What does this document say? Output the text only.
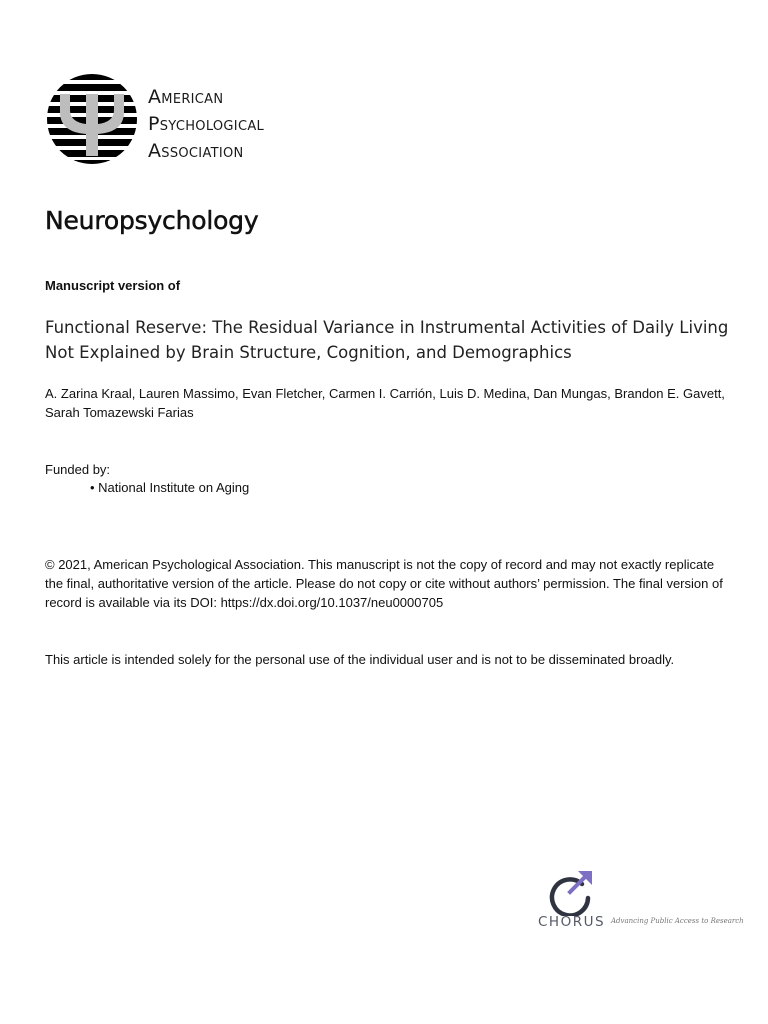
American
Psychological
Association
Neuropsychology
Manuscript version of
Functional Reserve: The Residual Variance in Instrumental Activities of Daily Living Not Explained by Brain Structure, Cognition, and Demographics
A. Zarina Kraal, Lauren Massimo, Evan Fletcher, Carmen I. Carrión, Luis D. Medina, Dan Mungas, Brandon E. Gavett, Sarah Tomazewski Farias
Funded by:
• National Institute on Aging
© 2021, American Psychological Association. This manuscript is not the copy of record and may not exactly replicate the final, authoritative version of the article. Please do not copy or cite without authors’ permission. The final version of record is available via its DOI: https://dx.doi.org/10.1037/neu0000705
This article is intended solely for the personal use of the individual user and is not to be disseminated broadly.
CHORUS Advancing Public Access to Research
